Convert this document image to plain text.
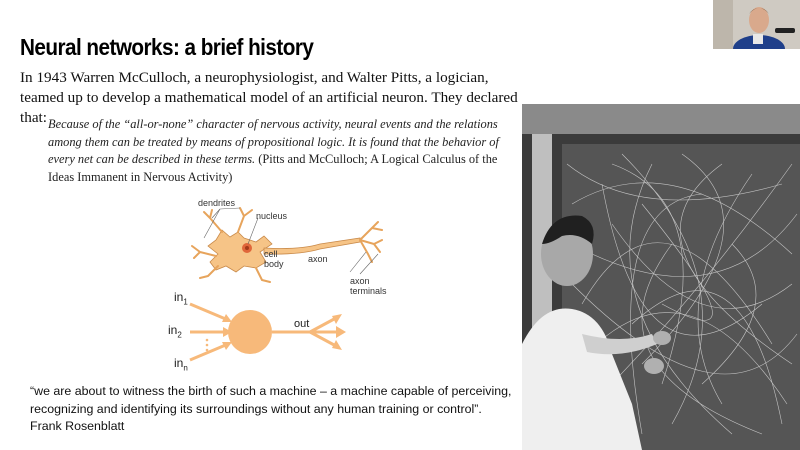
Neural networks: a brief history
In 1943 Warren McCulloch, a neurophysiologist, and Walter Pitts, a logician, teamed up to develop a mathematical model of an artificial neuron. They declared that: Because of the “all-or-none” character of nervous activity, neural events and the relations among them can be treated by means of propositional logic. It is found that the behavior of every net can be described in these terms. (Pitts and McCulloch; A Logical Calculus of the Ideas Immanent in Nervous Activity)
dendrites
nucleus
cell body	axon
axon terminals
$in_1$
$in_2$
$in_n$
out
“we are about to witness the birth of such a machine – a machine capable of perceiving, recognizing and identifying its surroundings without any human training or control”.
Frank Rosenblatt
